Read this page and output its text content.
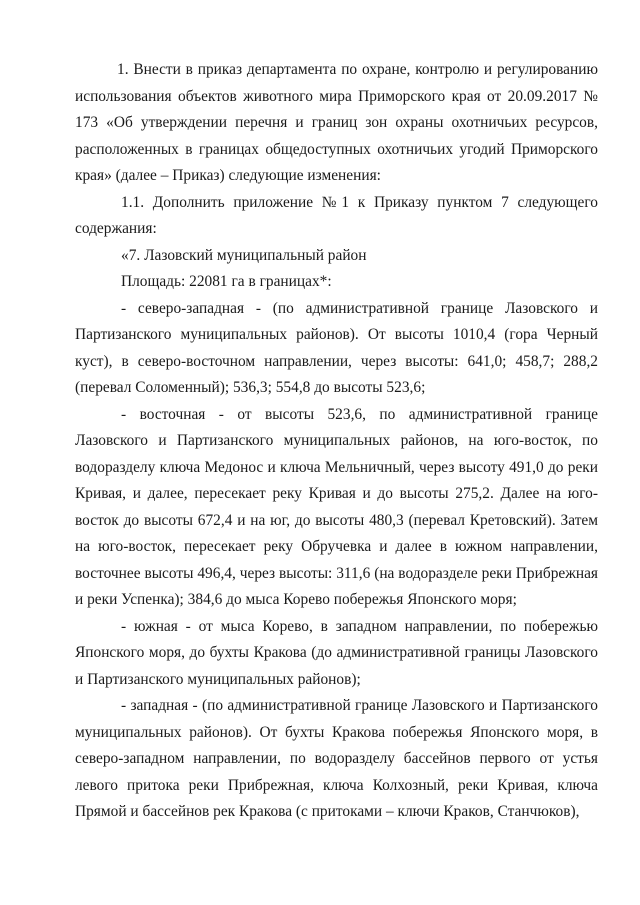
1. Внести в приказ департамента по охране, контролю и регулированию использования объектов животного мира Приморского края от 20.09.2017 № 173 «Об утверждении перечня и границ зон охраны охотничьих ресурсов, расположенных в границах общедоступных охотничьих угодий Приморского края» (далее – Приказ) следующие изменения:

1.1. Дополнить приложение №1 к Приказу пунктом 7 следующего содержания:

«7. Лазовский муниципальный район

Площадь: 22081 га в границах*:

- северо-западная - (по административной границе Лазовского и Партизанского муниципальных районов). От высоты 1010,4 (гора Черный куст), в северо-восточном направлении, через высоты: 641,0; 458,7; 288,2 (перевал Соломенный); 536,3; 554,8 до высоты 523,6;

- восточная - от высоты 523,6, по административной границе Лазовского и Партизанского муниципальных районов, на юго-восток, по водоразделу ключа Медонос и ключа Мельничный, через высоту 491,0 до реки Кривая, и далее, пересекает реку Кривая и до высоты 275,2. Далее на юго-восток до высоты 672,4 и на юг, до высоты 480,3 (перевал Кретовский). Затем на юго-восток, пересекает реку Обручевка и далее в южном направлении, восточнее высоты 496,4, через высоты: 311,6 (на водоразделе реки Прибрежная и реки Успенка); 384,6 до мыса Корево побережья Японского моря;

- южная - от мыса Корево, в западном направлении, по побережью Японского моря, до бухты Кракова (до административной границы Лазовского и Партизанского муниципальных районов);

- западная - (по административной границе Лазовского и Партизанского муниципальных районов). От бухты Кракова побережья Японского моря, в северо-западном направлении, по водоразделу бассейнов первого от устья левого притока реки Прибрежная, ключа Колхозный, реки Кривая, ключа Прямой и бассейнов рек Кракова (с притоками – ключи Краков, Станчюков),
